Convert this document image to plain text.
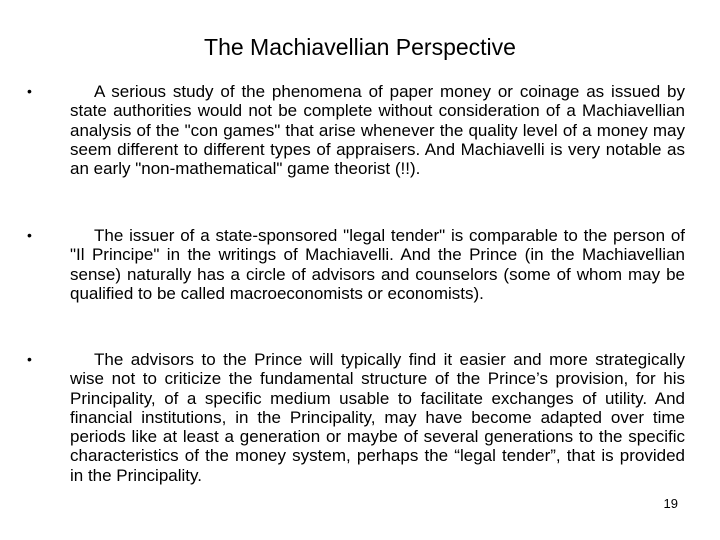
The Machiavellian Perspective
•	A serious study of the phenomena of paper money or coinage as issued by state authorities would not be complete without consideration of a Machiavellian analysis of the "con games" that arise whenever the quality level of a money may seem different to different types of appraisers. And Machiavelli is very notable as an early "non-mathematical" game theorist (!!).

•	The issuer of a state-sponsored "legal tender" is comparable to the person of "Il Principe" in the writings of Machiavelli. And the Prince (in the Machiavellian sense) naturally has a circle of advisors and counselors (some of whom may be qualified to be called macroeconomists or economists).

•	The advisors to the Prince will typically find it easier and more strategically wise not to criticize the fundamental structure of the Prince’s provision, for his Principality, of a specific medium usable to facilitate exchanges of utility. And financial institutions, in the Principality, may have become adapted over time periods like at least a generation or maybe of several generations to the specific characteristics of the money system, perhaps the “legal tender”, that is provided in the Principality.

19
